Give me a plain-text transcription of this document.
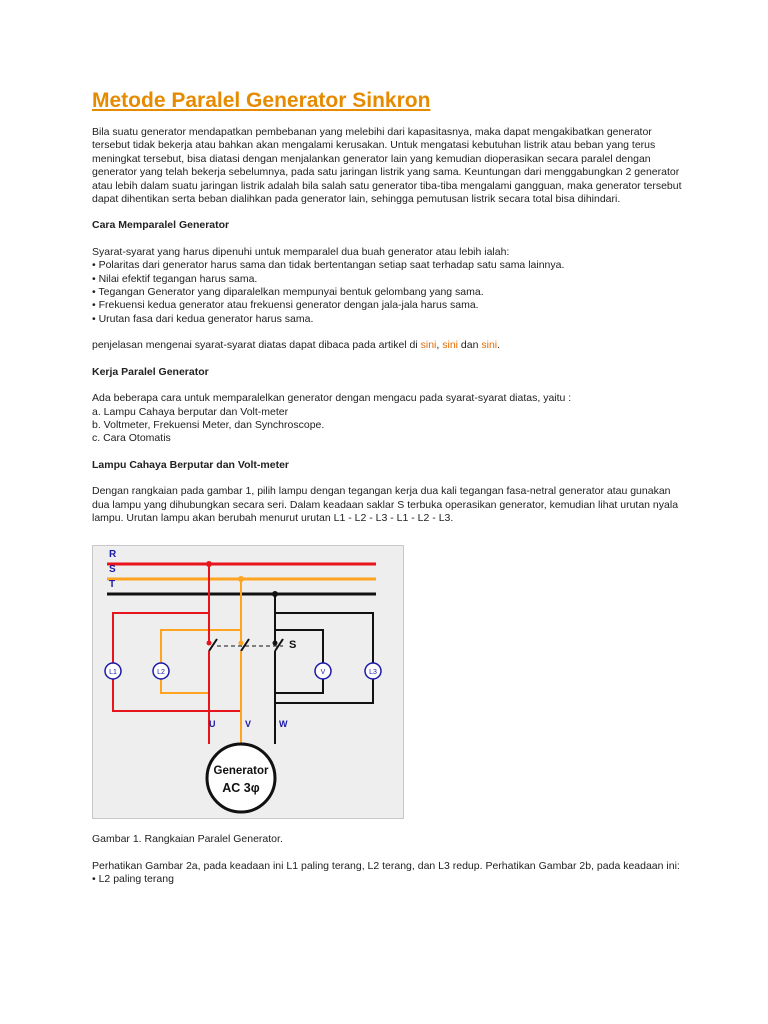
Metode Paralel Generator Sinkron

Bila suatu generator mendapatkan pembebanan yang melebihi dari kapasitasnya, maka dapat mengakibatkan generator tersebut tidak bekerja atau bahkan akan mengalami kerusakan. Untuk mengatasi kebutuhan listrik atau beban yang terus meningkat tersebut, bisa diatasi dengan menjalankan generator lain yang kemudian dioperasikan secara paralel dengan generator yang telah bekerja sebelumnya, pada satu jaringan listrik yang sama. Keuntungan dari menggabungkan 2 generator atau lebih dalam suatu jaringan listrik adalah bila salah satu generator tiba-tiba mengalami gangguan, maka generator tersebut dapat dihentikan serta beban dialihkan pada generator lain, sehingga pemutusan listrik secara total bisa dihindari.

Cara Memparalel Generator
Syarat-syarat yang harus dipenuhi untuk memparalel dua buah generator atau lebih ialah:
• Polaritas dari generator harus sama dan tidak bertentangan setiap saat terhadap satu sama lainnya.
• Nilai efektif tegangan harus sama.
• Tegangan Generator yang diparalelkan mempunyai bentuk gelombang yang sama.
• Frekuensi kedua generator atau frekuensi generator dengan jala-jala harus sama.
• Urutan fasa dari kedua generator harus sama.

penjelasan mengenai syarat-syarat diatas dapat dibaca pada artikel di sini, sini dan sini.

Kerja Paralel Generator
Ada beberapa cara untuk memparalelkan generator dengan mengacu pada syarat-syarat diatas, yaitu :
a. Lampu Cahaya berputar dan Volt-meter
b. Voltmeter, Frekuensi Meter, dan Synchroscope.
c. Cara Otomatis
Lampu Cahaya Berputar dan Volt-meter

Dengan rangkaian pada gambar 1, pilih lampu dengan tegangan kerja dua kali tegangan fasa-netral generator atau gunakan dua lampu yang dihubungkan secara seri. Dalam keadaan saklar S terbuka operasikan generator, kemudian lihat urutan nyala lampu. Urutan lampu akan berubah menurut urutan L1 - L2 - L3 - L1 - L2 - L3.

R
S
T
S
U	V	W
L1	L2	V	L3
Generator
AC 3φ

Gambar 1. Rangkaian Paralel Generator.

Perhatikan Gambar 2a, pada keadaan ini L1 paling terang, L2 terang, dan L3 redup. Perhatikan Gambar 2b, pada keadaan ini:
• L2 paling terang
